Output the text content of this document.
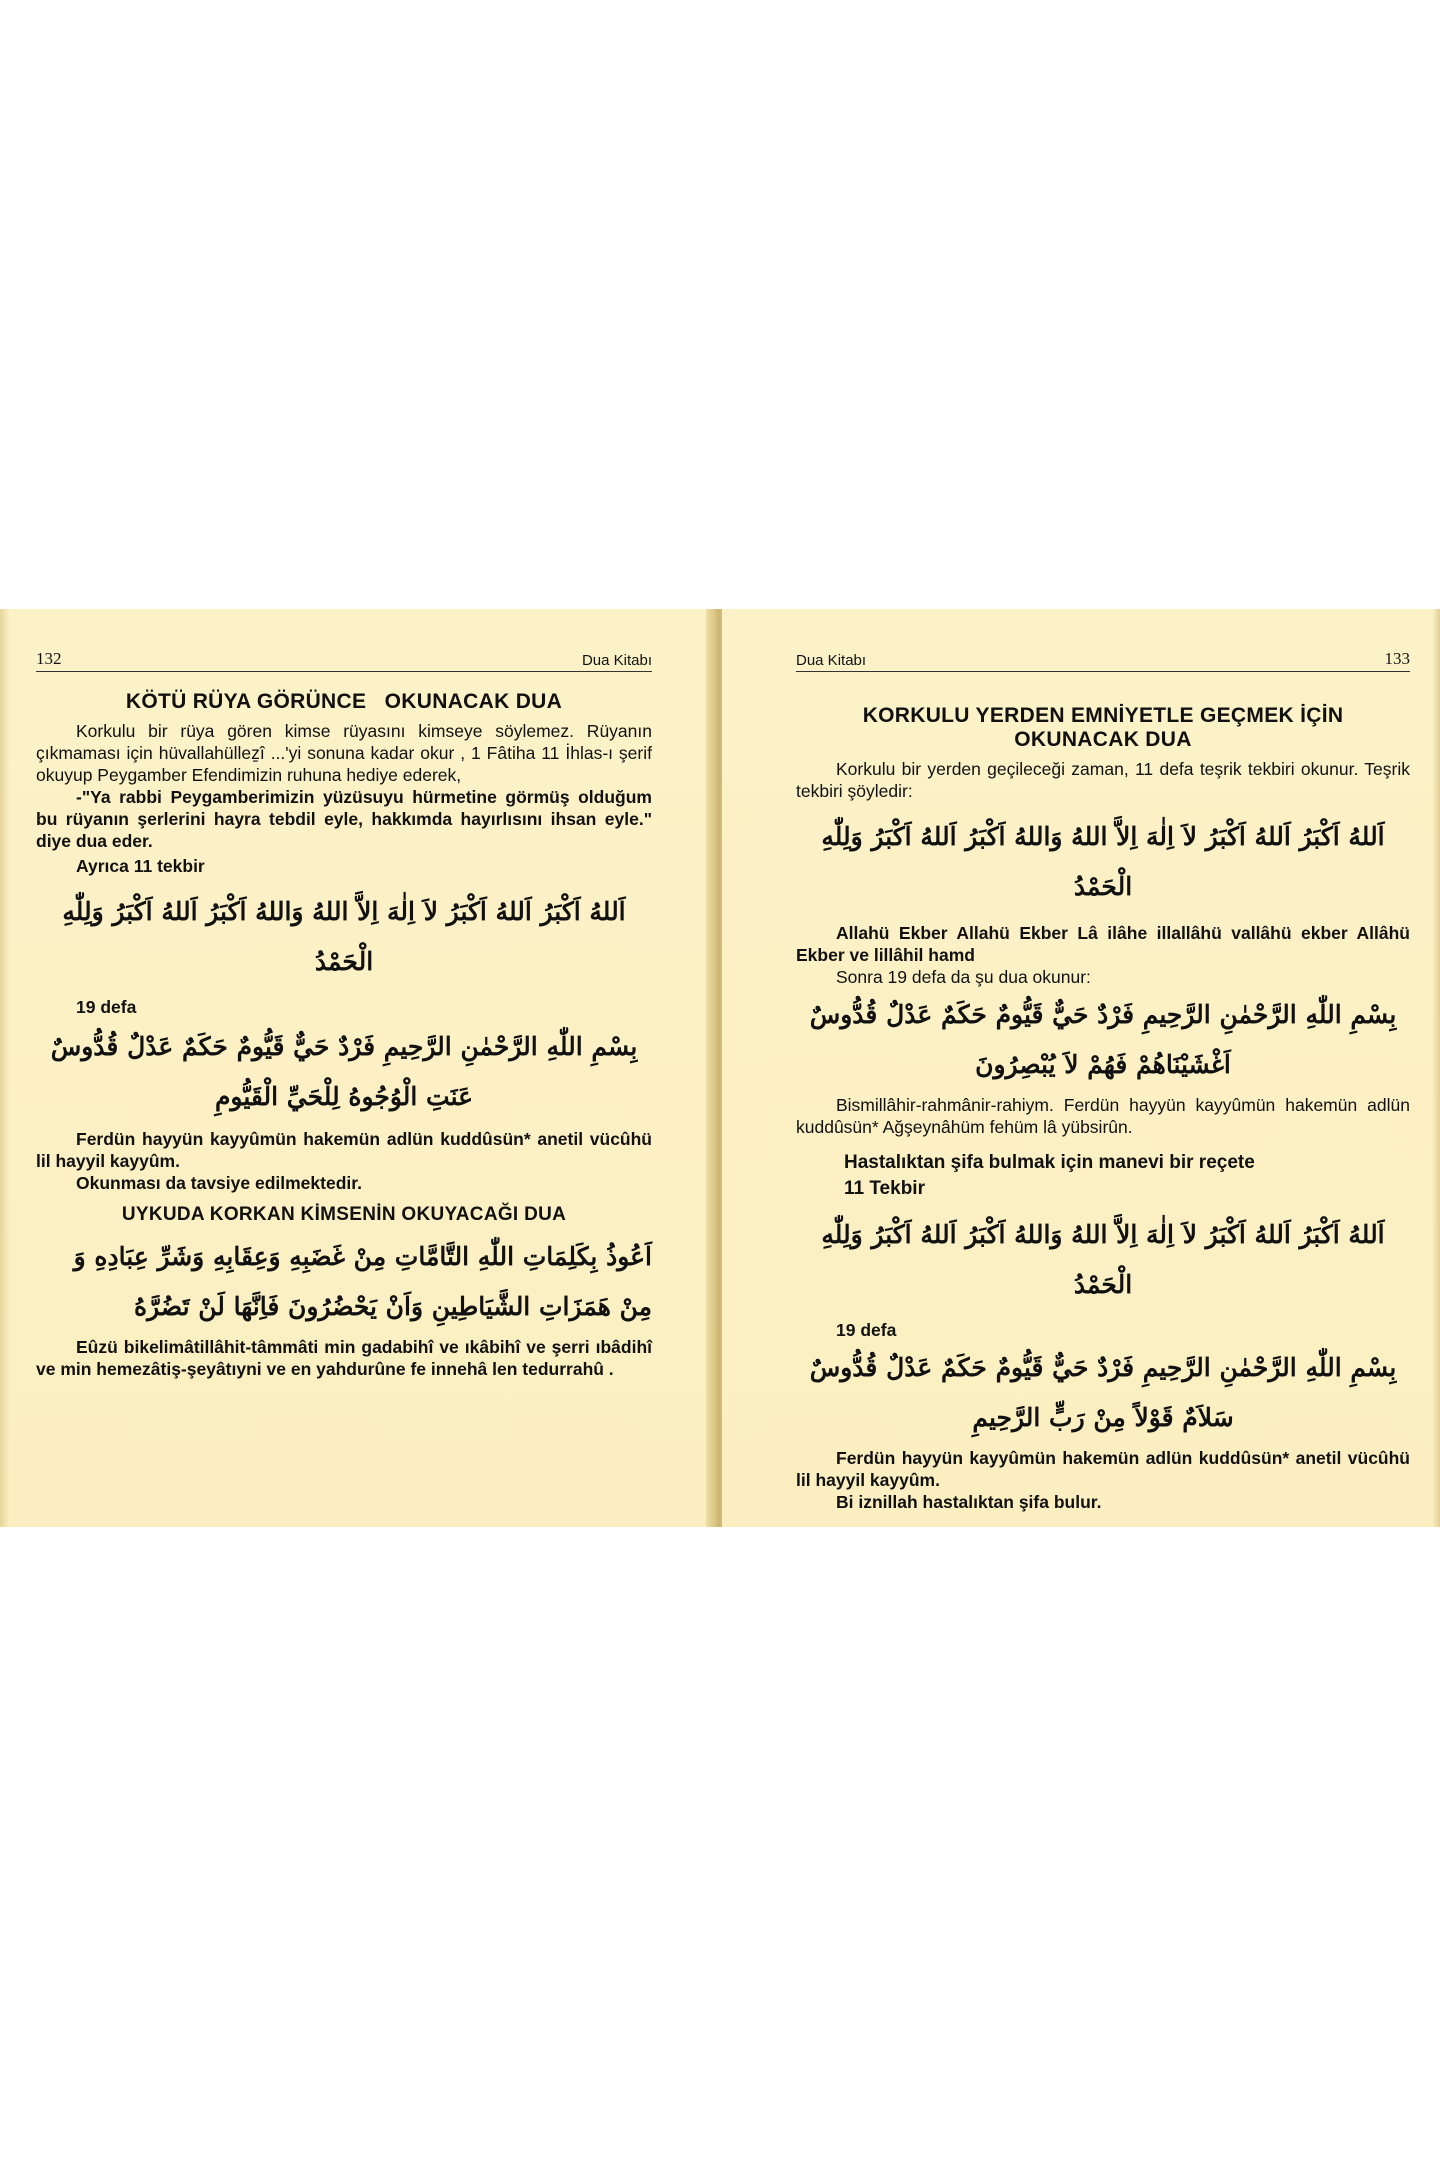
132	Dua Kitabı
KÖTÜ RÜYA GÖRÜNCE   OKUNACAK DUA

Korkulu bir rüya gören kimse rüyasını kimseye söylemez. Rüyanın çıkmaması için hüvallahülleẕî ...'yi sonuna kadar okur , 1 Fâtiha 11 İhlas-ı şerif okuyup Peygamber Efendimizin ruhuna hediye ederek,

-"Ya rabbi Peygamberimizin yüzüsuyu hürmetine görmüş olduğum bu rüyanın şerlerini hayra tebdil eyle, hakkımda hayırlısını ihsan eyle." diye dua eder.

Ayrıca 11 tekbir
اَللهُ اَكْبَرُ اَللهُ اَكْبَرُ لاَ اِلٰهَ اِلاَّ اللهُ وَاللهُ اَكْبَرُ اَللهُ اَكْبَرُ وَلِلّٰهِ الْحَمْدُ
19 defa
بِسْمِ اللّٰهِ الرَّحْمٰنِ الرَّحِيمِ فَرْدٌ حَيٌّ قَيُّومٌ حَكَمٌ عَدْلٌ قُدُّوسٌ
عَنَتِ الْوُجُوهُ لِلْحَيِّ الْقَيُّومِ

Ferdün hayyün kayyûmün hakemün adlün kuddûsün* anetil vücûhü lil hayyil kayyûm.

Okunması da tavsiye edilmektedir.

UYKUDA KORKAN KİMSENİN OKUYACAĞI DUA
اَعُوذُ بِكَلِمَاتِ اللّٰهِ التَّامَّاتِ مِنْ غَضَبِهِ وَعِقَابِهِ وَشَرِّ عِبَادِهِ وَ
مِنْ هَمَزَاتِ الشَّيَاطِينِ وَاَنْ يَحْضُرُونَ فَاِنَّهَا لَنْ تَضُرَّهُ

Eûzü bikelimâtillâhit-tâmmâti min gadabihî ve ıkâbihî ve şerri ıbâdihî ve min hemezâtiş-şeyâtıyni ve en yahdurûne fe innehâ len tedurrahû .

Dua Kitabı	133
KORKULU YERDEN EMNİYETLE GEÇMEK İÇİN
OKUNACAK DUA

Korkulu bir yerden geçileceği zaman, 11 defa teşrik tekbiri okunur. Teşrik tekbiri şöyledir:

اَللهُ اَكْبَرُ اَللهُ اَكْبَرُ لاَ اِلٰهَ اِلاَّ اللهُ وَاللهُ اَكْبَرُ اَللهُ اَكْبَرُ وَلِلّٰهِ الْحَمْدُ

Allahü Ekber Allahü Ekber Lâ ilâhe illallâhü vallâhü ekber Allâhü Ekber ve lillâhil hamd

Sonra 19 defa da şu dua okunur:

بِسْمِ اللّٰهِ الرَّحْمٰنِ الرَّحِيمِ فَرْدٌ حَيٌّ قَيُّومٌ حَكَمٌ عَدْلٌ قُدُّوسٌ
اَغْشَيْنَاهُمْ فَهُمْ لاَ يُبْصِرُونَ

Bismillâhir-rahmânir-rahiym. Ferdün hayyün kayyûmün hakemün adlün kuddûsün* Ağşeynâhüm fehüm lâ yübsirûn.

Hastalıktan şifa bulmak için manevi bir reçete
11 Tekbir
اَللهُ اَكْبَرُ اَللهُ اَكْبَرُ لاَ اِلٰهَ اِلاَّ اللهُ وَاللهُ اَكْبَرُ اَللهُ اَكْبَرُ وَلِلّٰهِ الْحَمْدُ
19 defa
بِسْمِ اللّٰهِ الرَّحْمٰنِ الرَّحِيمِ فَرْدٌ حَيٌّ قَيُّومٌ حَكَمٌ عَدْلٌ قُدُّوسٌ
سَلاَمٌ قَوْلاً مِنْ رَبٍّ الرَّحِيمِ

Ferdün hayyün kayyûmün hakemün adlün kuddûsün* anetil vücûhü lil hayyil kayyûm.

Bi iznillah hastalıktan şifa bulur.
